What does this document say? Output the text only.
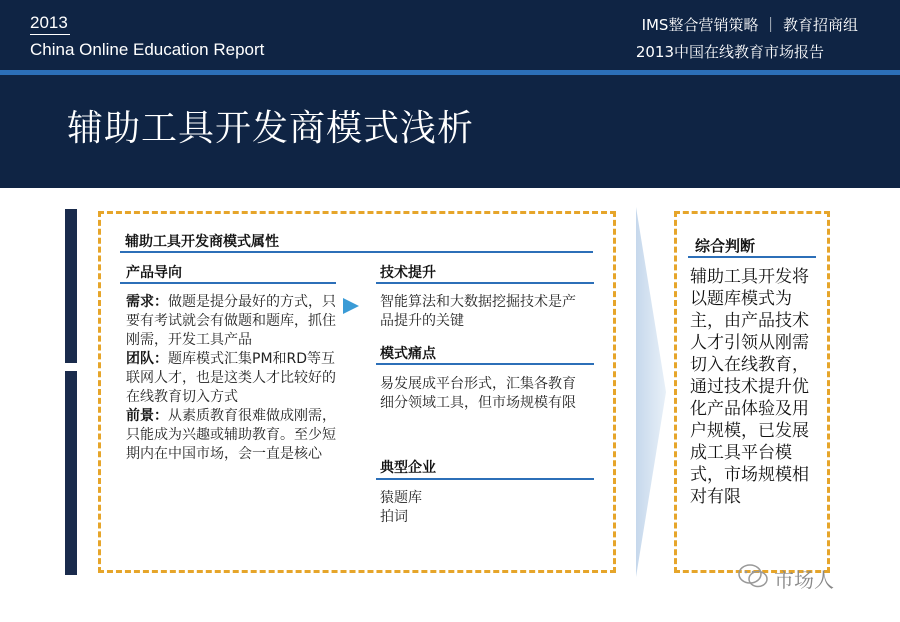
2013
China Online Education Report
IMS整合营销策略 ｜ 教育招商组
2013中国在线教育市场报告
辅助工具开发商模式浅析
辅助工具开发商模式属性
产品导向
需求：做题是提分最好的方式，只要有考试就会有做题和题库，抓住刚需，开发工具产品
团队：题库模式汇集PM和RD等互联网人才，也是这类人才比较好的在线教育切入方式
前景：从素质教育很难做成刚需，只能成为兴趣或辅助教育。至少短期内在中国市场，会一直是核心
技术提升
智能算法和大数据挖掘技术是产品提升的关键
模式痛点
易发展成平台形式，汇集各教育细分领域工具，但市场规模有限
典型企业
猿题库
拍词
综合判断
辅助工具开发将以题库模式为主，由产品技术人才引领从刚需切入在线教育，通过技术提升优化产品体验及用户规模，已发展成工具平台模式，市场规模相对有限
市场人
